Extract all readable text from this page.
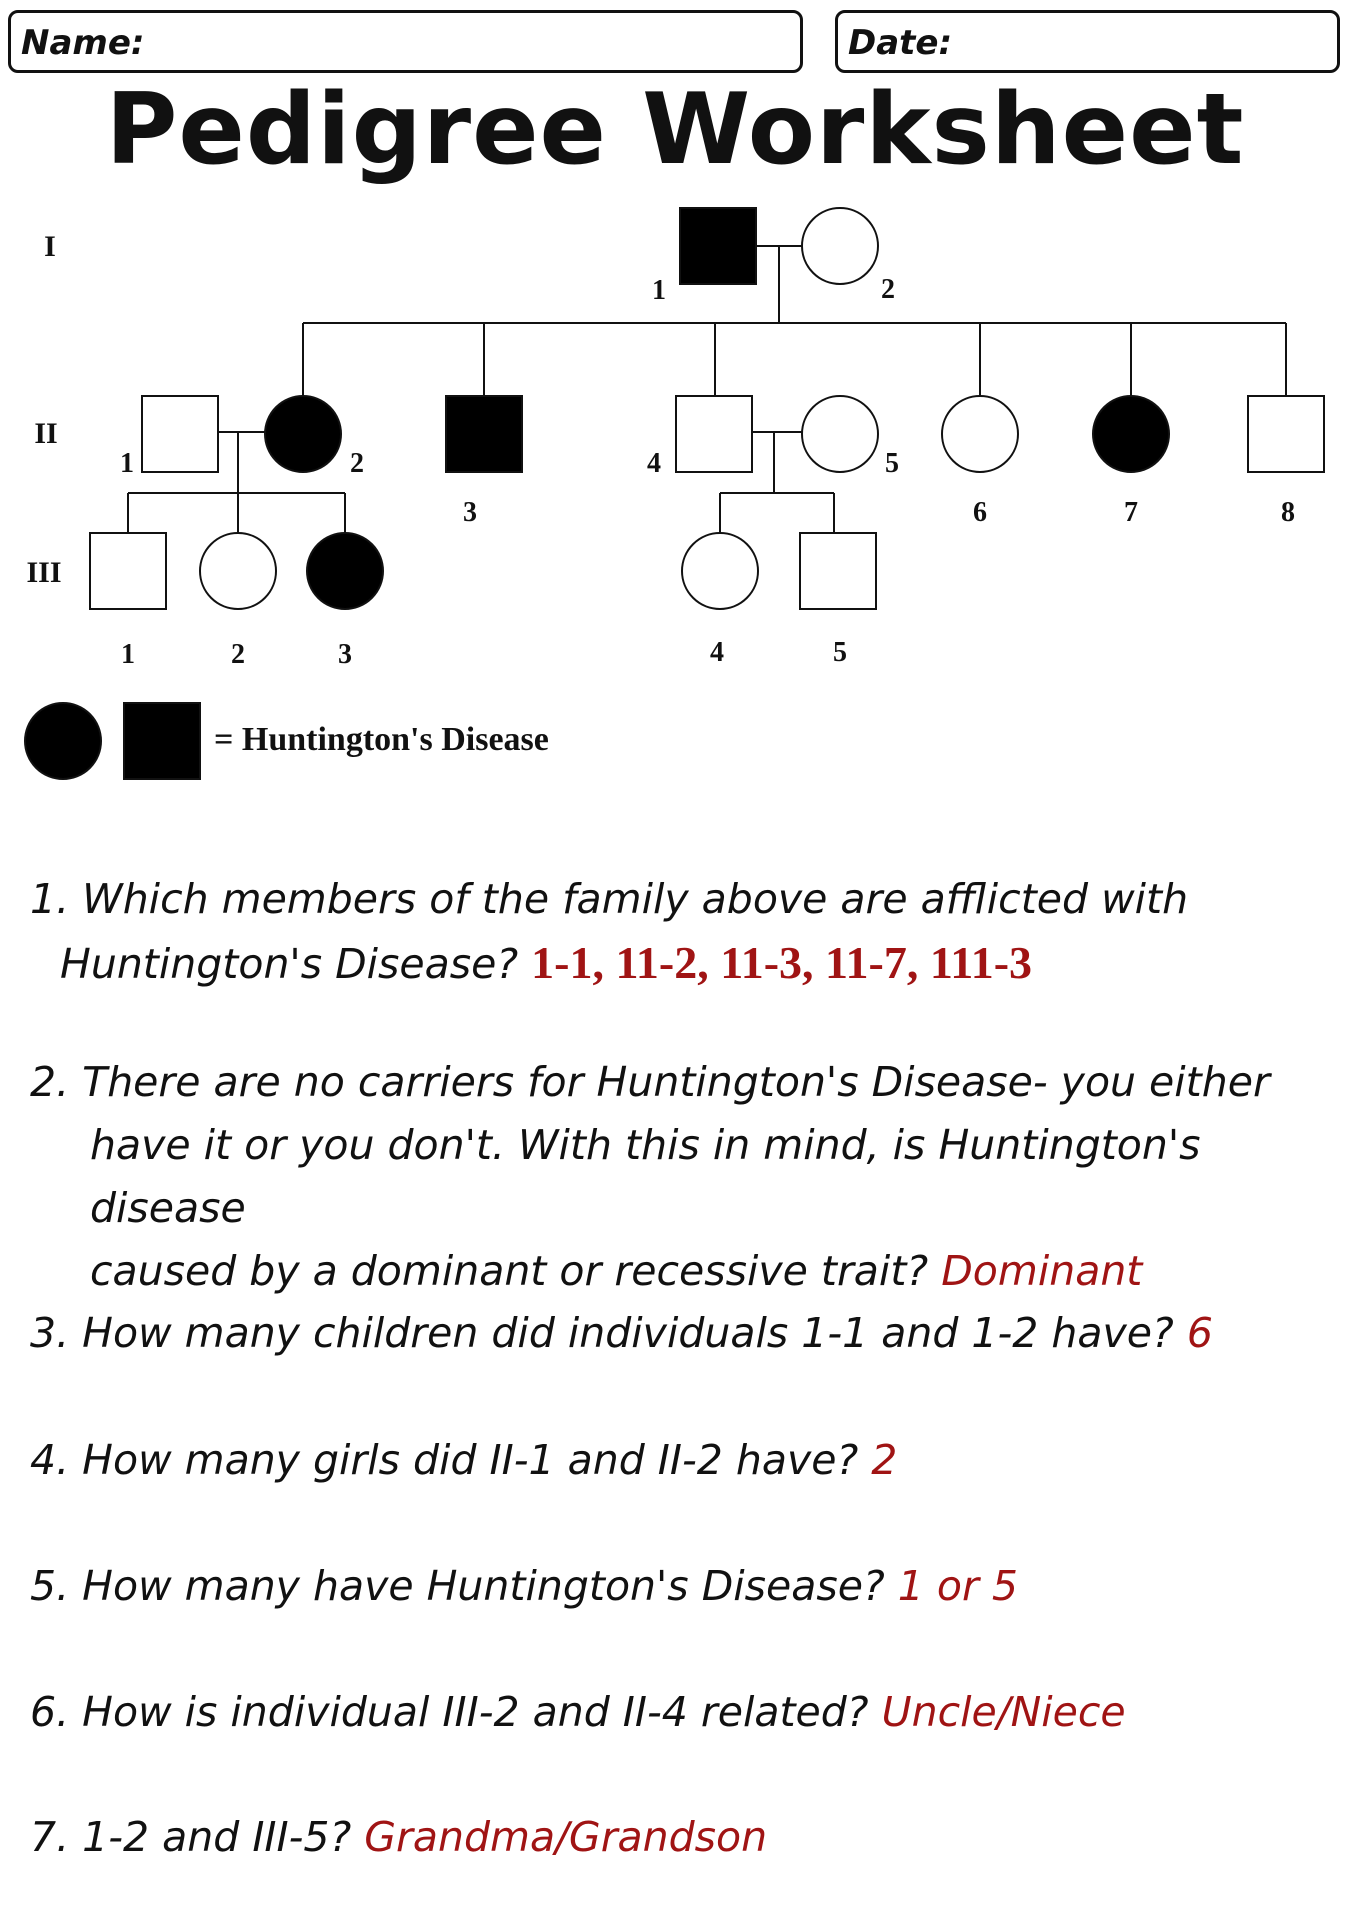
Name:	Date:
Pedigree Worksheet
I
II
III
1	2
1	2
3
4	5
6	7	8
1	2	3	4	5
= Huntington's Disease
1. Which members of the family above are afflicted with

Huntington's Disease? 1-1, 11-2, 11-3, 11-7, 111-3
2. There are no carriers for Huntington's Disease- you either
have it or you don't. With this in mind, is Huntington's disease
caused by a dominant or recessive trait? Dominant
3. How many children did individuals 1-1 and 1-2 have? 6
4. How many girls did II-1 and II-2 have? 2
5. How many have Huntington's Disease? 1 or 5
6. How is individual III-2 and II-4 related? Uncle/Niece
7. 1-2 and III-5? Grandma/Grandson
